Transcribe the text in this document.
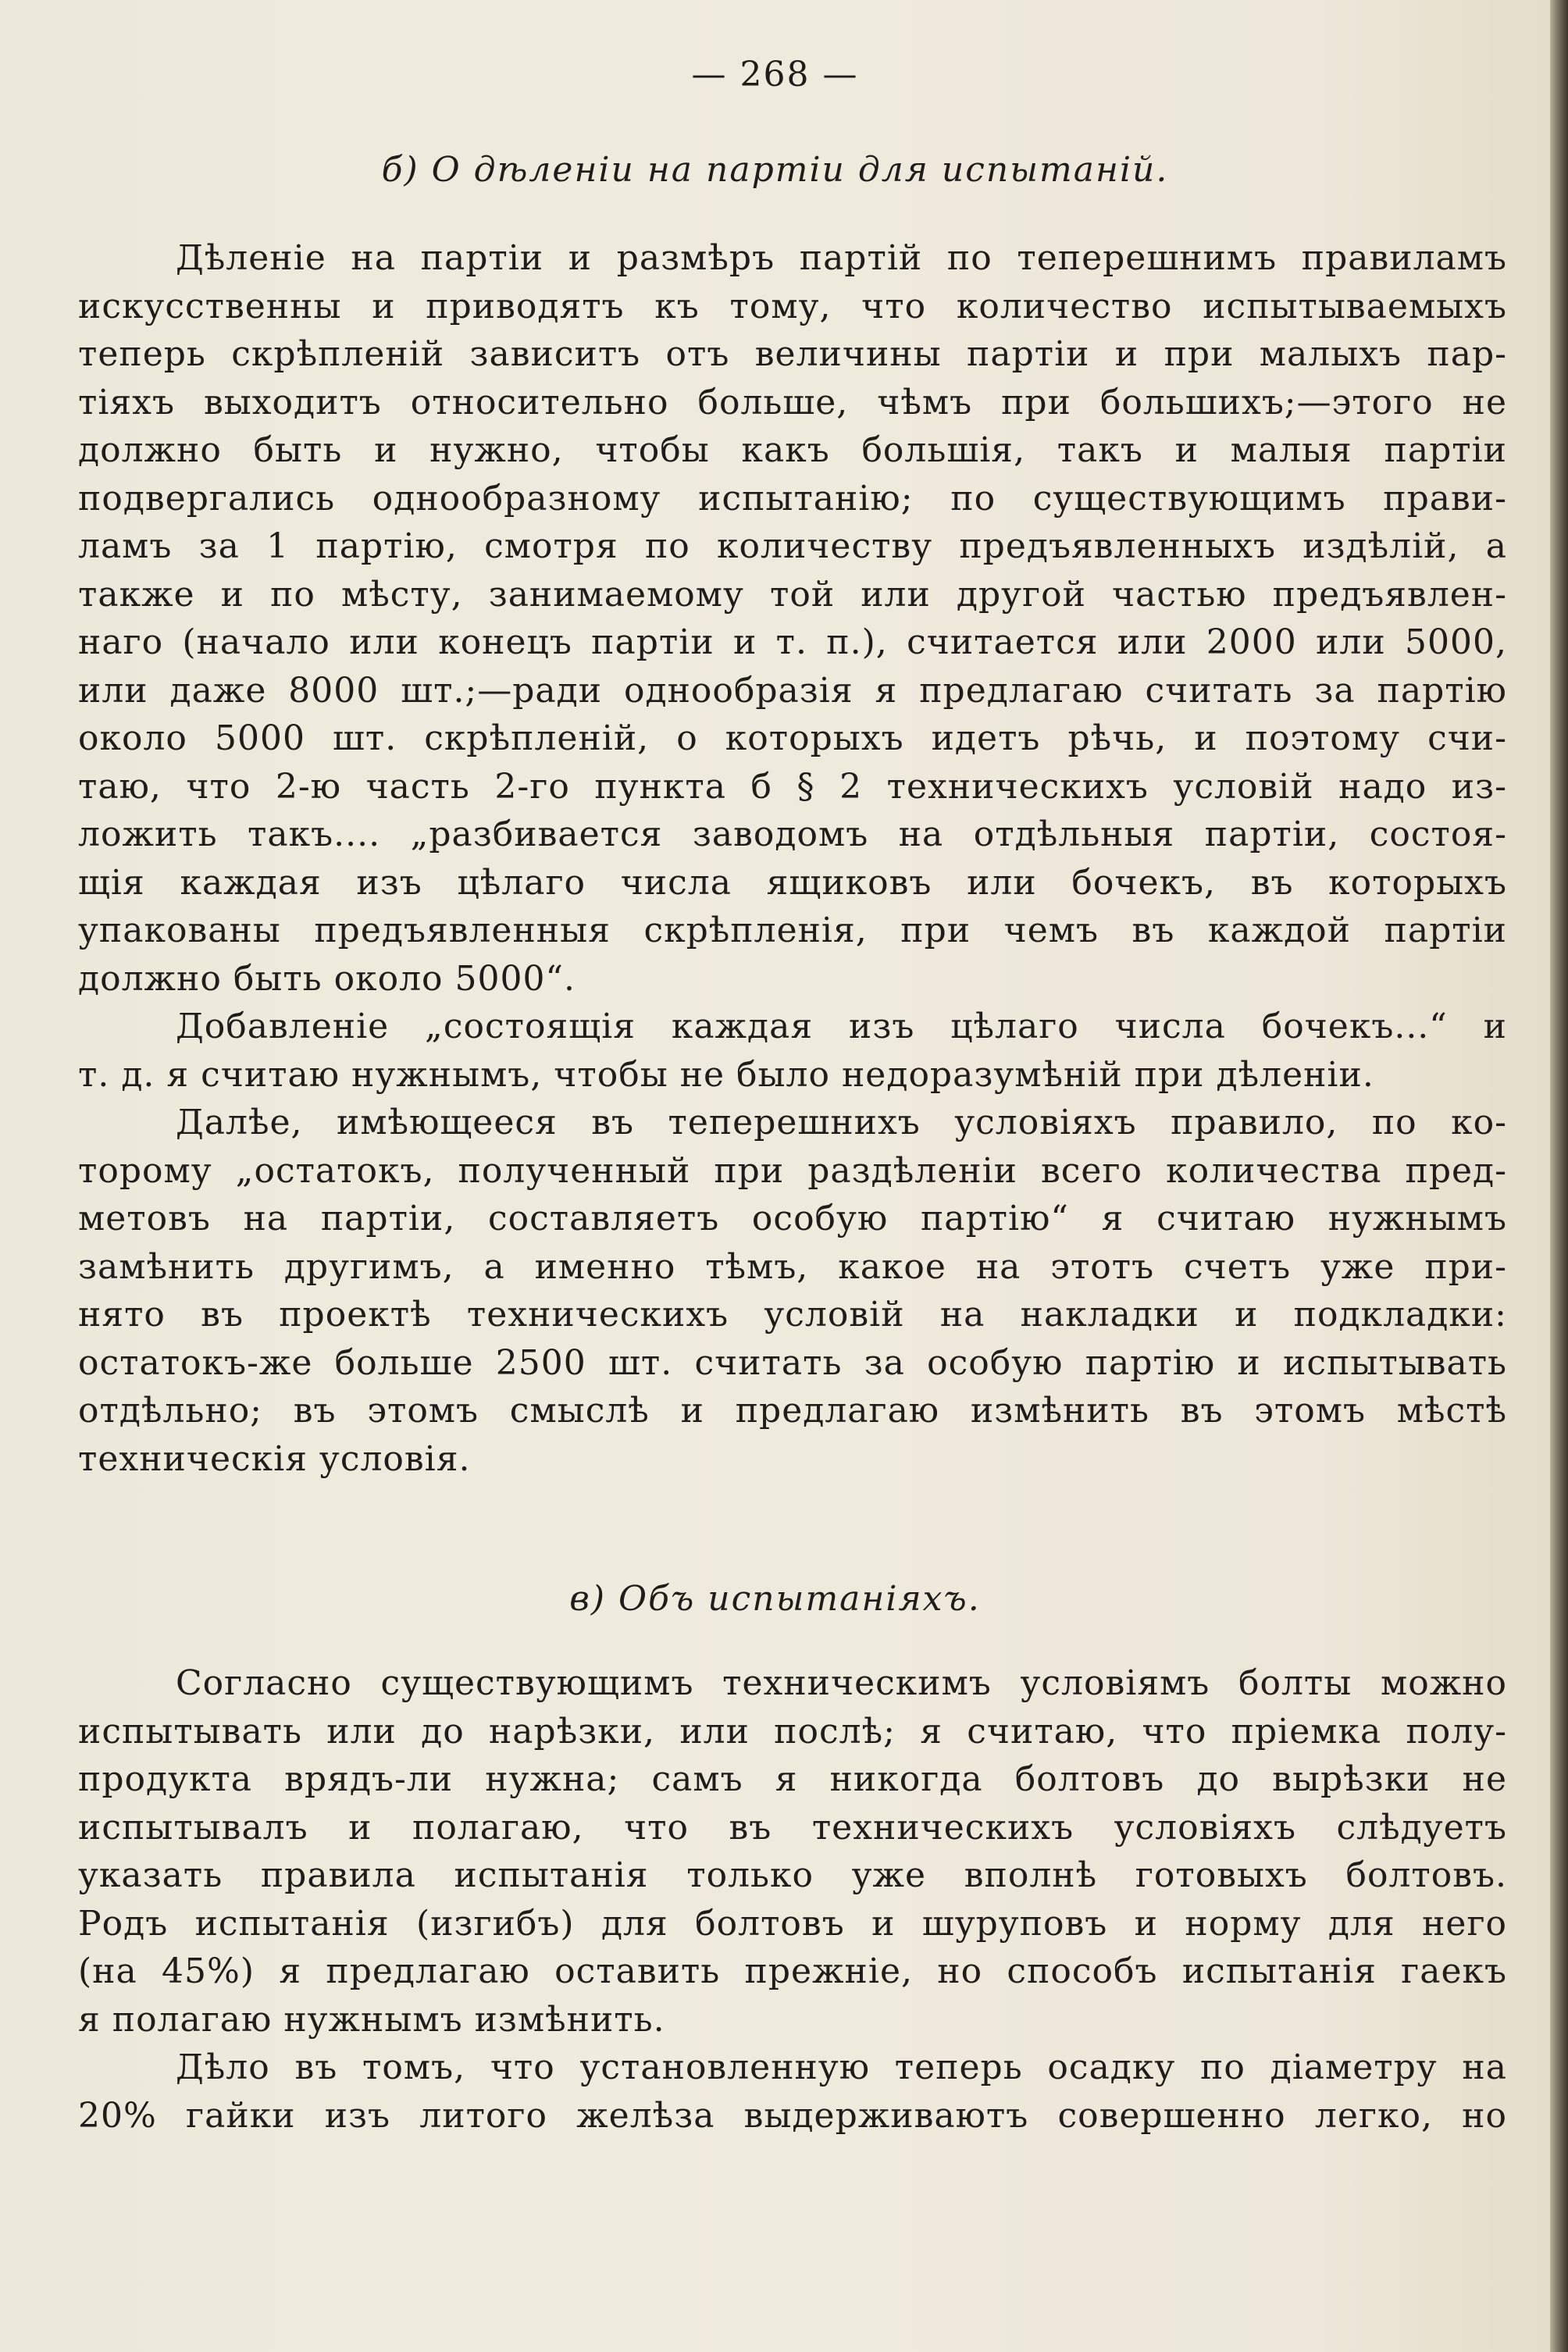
— 268 —
б) О дѣленіи на партіи для испытаній.
Дѣленіе на партіи и размѣръ партій по теперешнимъ правиламъ
искусственны и приводятъ къ тому, что количество испытываемыхъ
теперь скрѣпленій зависитъ отъ величины партіи и при малыхъ пар-
тіяхъ выходитъ относительно больше, чѣмъ при большихъ;—этого не
должно быть и нужно, чтобы какъ большія, такъ и малыя партіи
подвергались однообразному испытанію; по существующимъ прави-
ламъ за 1 партію, смотря по количеству предъявленныхъ издѣлій, а
также и по мѣсту, занимаемому той или другой частью предъявлен-
наго (начало или конецъ партіи и т. п.), считается или 2000 или 5000,
или даже 8000 шт.;—ради однообразія я предлагаю считать за партію
около 5000 шт. скрѣпленій, о которыхъ идетъ рѣчь, и поэтому счи-
таю, что 2-ю часть 2-го пункта б § 2 техническихъ условій надо из-
ложить такъ.... „разбивается заводомъ на отдѣльныя партіи, состоя-
щія каждая изъ цѣлаго числа ящиковъ или бочекъ, въ которыхъ
упакованы предъявленныя скрѣпленія, при чемъ въ каждой партіи
должно быть около 5000“.
Добавленіе „состоящія каждая изъ цѣлаго числа бочекъ...“ и
т. д. я считаю нужнымъ, чтобы не было недоразумѣній при дѣленіи.
Далѣе, имѣющееся въ теперешнихъ условіяхъ правило, по ко-
торому „остатокъ, полученный при раздѣленіи всего количества пред-
метовъ на партіи, составляетъ особую партію“ я считаю нужнымъ
замѣнить другимъ, а именно тѣмъ, какое на этотъ счетъ уже при-
нято въ проектѣ техническихъ условій на накладки и подкладки:
остатокъ-же больше 2500 шт. считать за особую партію и испытывать
отдѣльно; въ этомъ смыслѣ и предлагаю измѣнить въ этомъ мѣстѣ
техническія условія.
в) Объ испытаніяхъ.
Согласно существующимъ техническимъ условіямъ болты можно
испытывать или до нарѣзки, или послѣ; я считаю, что пріемка полу-
продукта врядъ-ли нужна; самъ я никогда болтовъ до вырѣзки не
испытывалъ и полагаю, что въ техническихъ условіяхъ слѣдуетъ
указать правила испытанія только уже вполнѣ готовыхъ болтовъ.
Родъ испытанія (изгибъ) для болтовъ и шуруповъ и норму для него
(на 45%) я предлагаю оставить прежніе, но способъ испытанія гаекъ
я полагаю нужнымъ измѣнить.
Дѣло въ томъ, что установленную теперь осадку по діаметру на
20% гайки изъ литого желѣза выдерживаютъ совершенно легко, но
